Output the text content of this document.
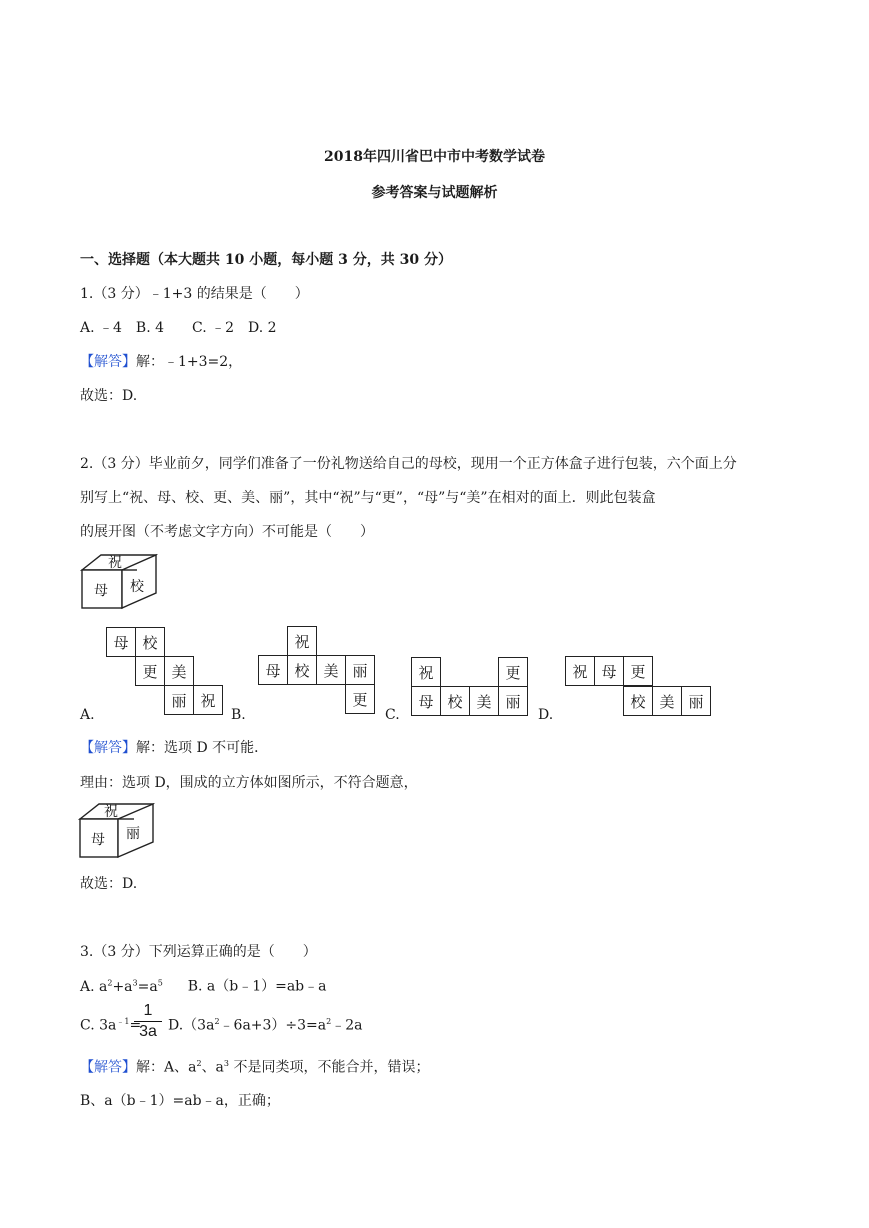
2018年四川省巴中市中考数学试卷
参考答案与试题解析
一、选择题（本大题共 10 小题，每小题 3 分，共 30 分）
1.（3 分）﹣1+3 的结果是（　　）
A. ﹣4　B. 4　　C. ﹣2　D. 2
【解答】解：﹣1+3=2，
故选：D.
2.（3 分）毕业前夕，同学们准备了一份礼物送给自己的母校，现用一个正方体盒子进行包装，六个面上分
别写上“祝、母、校、更、美、丽”，其中“祝”与“更”，“母”与“美”在相对的面上．则此包装盒
的展开图（不考虑文字方向）不可能是（　　）
祝
母 校
母 校
更 美
丽 祝
A.
祝
母 校 美 丽
更
B.
祝	更
母 校 美 丽
C.
祝 母 更
校 美 丽
D.
【解答】解：选项 D 不可能．
理由：选项 D，围成的立方体如图所示，不符合题意，
祝
母 丽
故选：D.
3.（3 分）下列运算正确的是（　　）
A. $a^2+a^3=a^5$ B. a（b﹣1）=ab﹣a
C. $3a^{﹣1}=$
1
3a $D.(3a^2﹣6a+3)\div 3=a^2﹣2a$
【解答】解：A、$a^2$、$a^3$ 不是同类项，不能合并，错误；
B、a（b﹣1）=ab﹣a，正确；
